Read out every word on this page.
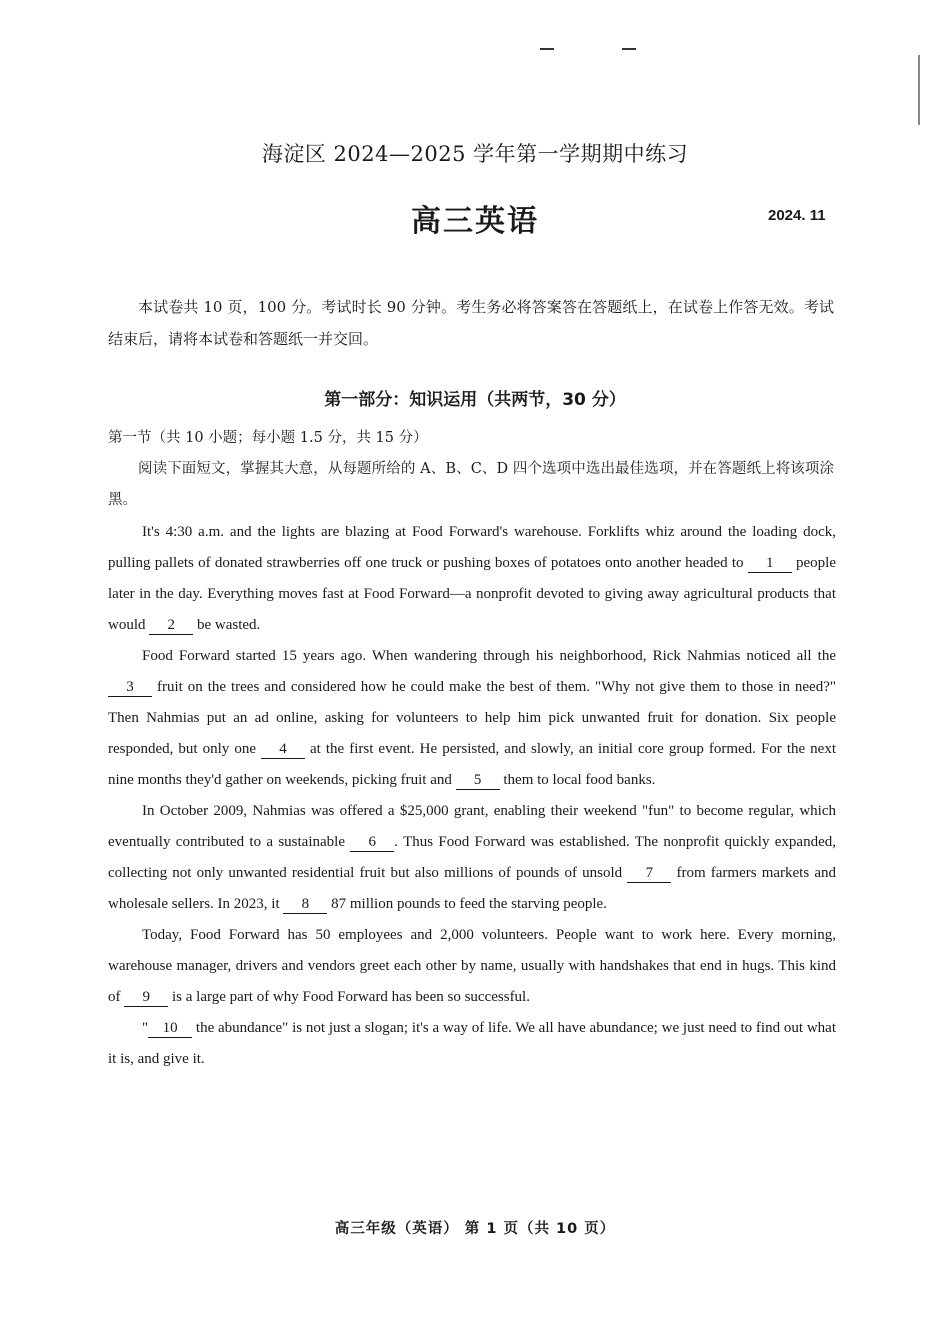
海淀区 2024—2025 学年第一学期期中练习
高三英语	2024. 11
本试卷共 10 页，100 分。考试时长 90 分钟。考生务必将答案答在答题纸上，在试卷上作答无效。考试结束后，请将本试卷和答题纸一并交回。
第一部分：知识运用（共两节，30 分）
第一节（共 10 小题；每小题 1.5 分，共 15 分）
阅读下面短文，掌握其大意，从每题所给的 A、B、C、D 四个选项中选出最佳选项，并在答题纸上将该项涂黑。

It's 4:30 a.m. and the lights are blazing at Food Forward's warehouse. Forklifts whiz around the loading dock, pulling pallets of donated strawberries off one truck or pushing boxes of potatoes onto another headed to 1 people later in the day. Everything moves fast at Food Forward—a nonprofit devoted to giving away agricultural products that would 2 be wasted.

Food Forward started 15 years ago. When wandering through his neighborhood, Rick Nahmias noticed all the 3 fruit on the trees and considered how he could make the best of them. "Why not give them to those in need?" Then Nahmias put an ad online, asking for volunteers to help him pick unwanted fruit for donation. Six people responded, but only one 4 at the first event. He persisted, and slowly, an initial core group formed. For the next nine months they'd gather on weekends, picking fruit and 5 them to local food banks.

In October 2009, Nahmias was offered a $25,000 grant, enabling their weekend "fun" to become regular, which eventually contributed to a sustainable 6 . Thus Food Forward was established. The nonprofit quickly expanded, collecting not only unwanted residential fruit but also millions of pounds of unsold 7 from farmers markets and wholesale sellers. In 2023, it 8 87 million pounds to feed the starving people.

Today, Food Forward has 50 employees and 2,000 volunteers. People want to work here. Every morning, warehouse manager, drivers and vendors greet each other by name, usually with handshakes that end in hugs. This kind of 9 is a large part of why Food Forward has been so successful.

" 10 the abundance" is not just a slogan; it's a way of life. We all have abundance; we just need to find out what it is, and give it.

高三年级（英语） 第 1 页（共 10 页）
